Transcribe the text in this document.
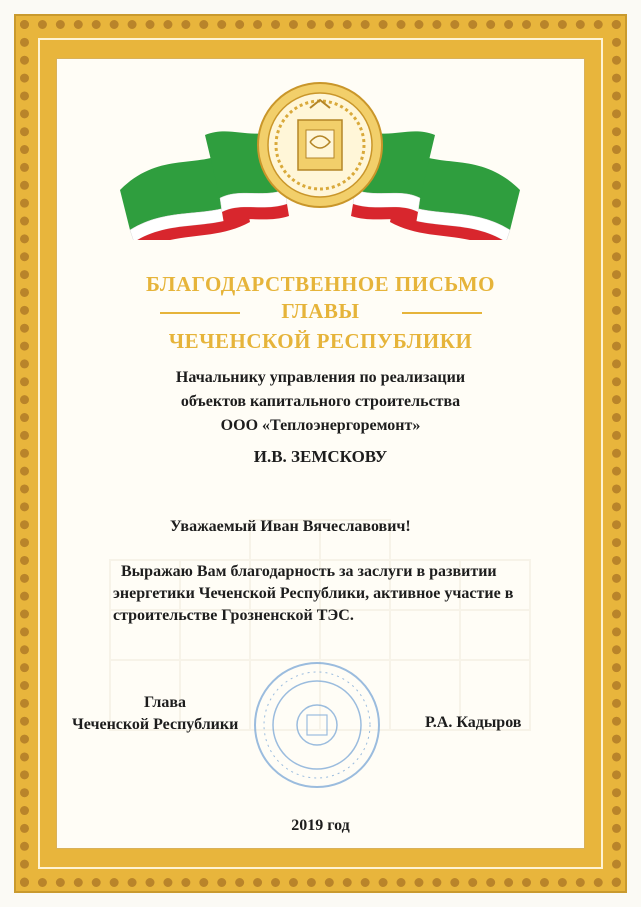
БЛАГОДАРСТВЕННОЕ ПИСЬМО
ГЛАВЫ
ЧЕЧЕНСКОЙ РЕСПУБЛИКИ
Начальнику управления по реализации
объектов капитального строительства
ООО «Теплоэнергоремонт»
И.В. ЗЕМСКОВУ
Уважаемый Иван Вячеславович!
Выражаю Вам благодарность за заслуги в развитии
энергетики Чеченской Республики, активное участие в
строительстве Грозненской ТЭС.
Глава
Чеченской Республики	Р.А. Кадыров
2019 год
